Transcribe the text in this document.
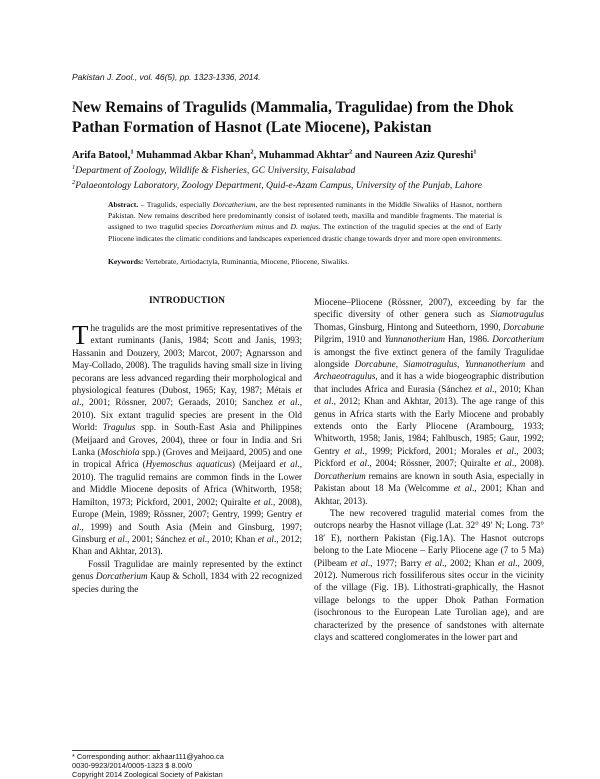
Pakistan J. Zool., vol. 46(5), pp. 1323-1336, 2014.
New Remains of Tragulids (Mammalia, Tragulidae) from the Dhok Pathan Formation of Hasnot (Late Miocene), Pakistan
Arifa Batool,$^1$ Muhammad Akbar Khan$^2$, Muhammad Akhtar$^2$ and Naureen Aziz Qureshi$^1$
$^1$Department of Zoology, Wildlife & Fisheries, GC University, Faisalabad
$^2$Palaeontology Laboratory, Zoology Department, Quid-e-Azam Campus, University of the Punjab, Lahore
Abstract. – Tragulids, especially Dorcatherium, are the best represented ruminants in the Middle Siwaliks of Hasnot, northern Pakistan. New remains described here predominantly consist of isolated teeth, maxilla and mandible fragments. The material is assigned to two tragulid species Dorcatherium minus and D. majus. The extinction of the tragulid species at the end of Early Pliocene indicates the climatic conditions and landscapes experienced drastic change towards dryer and more open environments.
Keywords: Vertebrate, Artiodactyla, Ruminantia, Miocene, Pliocene, Siwaliks.
INTRODUCTION

The tragulids are the most primitive representatives of the extant ruminants (Janis, 1984; Scott and Janis, 1993; Hassanin and Douzery, 2003; Marcot, 2007; Agnarsson and May-Collado, 2008). The tragulids having small size in living pecorans are less advanced regarding their morphological and physiological features (Dubost, 1965; Kay, 1987; Métais et al., 2001; Rössner, 2007; Geraads, 2010; Sanchez et al., 2010). Six extant tragulid species are present in the Old World: Tragulus spp. in South-East Asia and Philippines (Meijaard and Groves, 2004), three or four in India and Sri Lanka (Moschiola spp.) (Groves and Meijaard, 2005) and one in tropical Africa (Hyemoschus aquaticus) (Meijaard et al., 2010). The tragulid remains are common finds in the Lower and Middle Miocene deposits of Africa (Whitworth, 1958; Hamilton, 1973; Pickford, 2001, 2002; Quiralte et al., 2008), Europe (Mein, 1989; Rössner, 2007; Gentry, 1999; Gentry et al., 1999) and South Asia (Mein and Ginsburg, 1997; Ginsburg et al., 2001; Sánchez et al., 2010; Khan et al., 2012; Khan and Akhtar, 2013).

Fossil Tragulidae are mainly represented by the extinct genus Dorcatherium Kaup & Scholl, 1834 with 22 recognized species during the

Miocene–Pliocene (Rössner, 2007), exceeding by far the specific diversity of other genera such as Siamotragulus Thomas, Ginsburg, Hintong and Suteethorn, 1990, Dorcabune Pilgrim, 1910 and Yunnanotherium Han, 1986. Dorcatherium is amongst the five extinct genera of the family Tragulidae alongside Dorcabune, Siamotragulus, Yunnanotherium and Archaeotragulus, and it has a wide biogeographic distribution that includes Africa and Eurasia (Sánchez et al., 2010; Khan et al., 2012; Khan and Akhtar, 2013). The age range of this genus in Africa starts with the Early Miocene and probably extends onto the Early Pliocene (Arambourg, 1933; Whitworth, 1958; Janis, 1984; Fahlbusch, 1985; Gaur, 1992; Gentry et al., 1999; Pickford, 2001; Morales et al., 2003; Pickford et al., 2004; Rössner, 2007; Quiralte et al., 2008). Dorcatherium remains are known in south Asia, especially in Pakistan about 18 Ma (Welcomme et al., 2001; Khan and Akhtar, 2013).

The new recovered tragulid material comes from the outcrops nearby the Hasnot village (Lat. 32° 49′ N; Long. 73° 18′ E), northern Pakistan (Fig.1A). The Hasnot outcrops belong to the Late Miocene – Early Pliocene age (7 to 5 Ma) (Pilbeam et al., 1977; Barry et al., 2002; Khan et al., 2009, 2012). Numerous rich fossiliferous sites occur in the vicinity of the village (Fig. 1B). Lithostrati-graphically, the Hasnot village belongs to the upper Dhok Pathan Formation (isochronous to the European Late Turolian age), and are characterized by the presence of sandstones with alternate clays and scattered conglomerates in the lower part and

* Corresponding author: akhaar111@yahoo.ca
0030-9923/2014/0005-1323 $ 8.00/0
Copyright 2014 Zoological Society of Pakistan
